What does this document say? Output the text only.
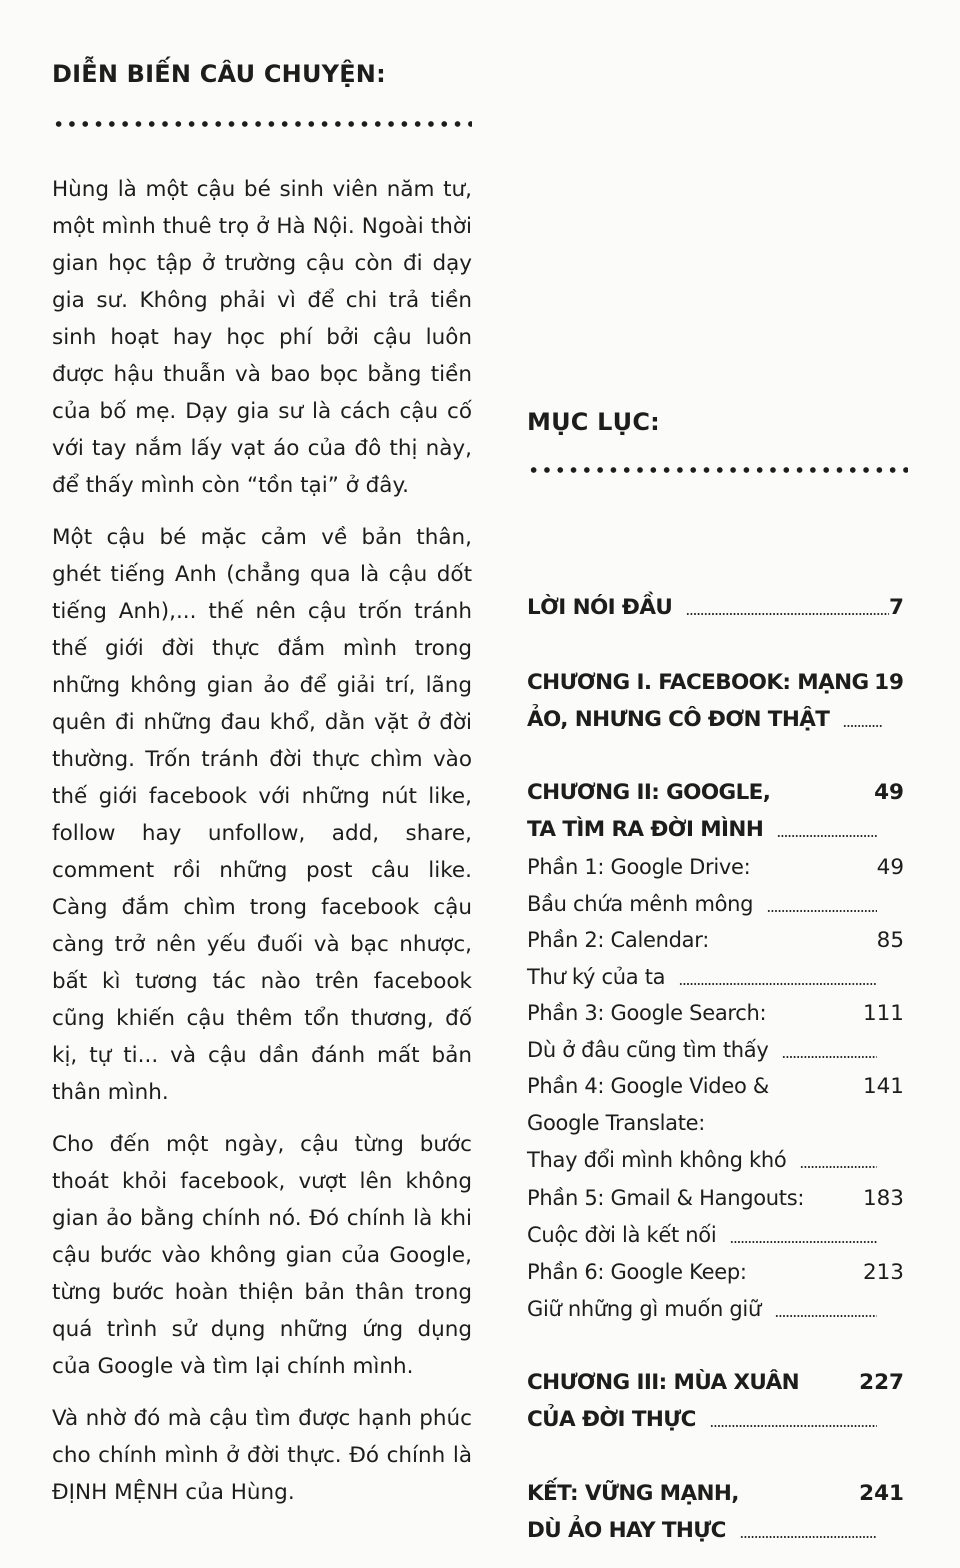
DIỄN BIẾN CÂU CHUYỆN:

Hùng là một cậu bé sinh viên năm tư, một mình thuê trọ ở Hà Nội. Ngoài thời gian học tập ở trường cậu còn đi dạy gia sư. Không phải vì để chi trả tiền sinh hoạt hay học phí bởi cậu luôn được hậu thuẫn và bao bọc bằng tiền của bố mẹ. Dạy gia sư là cách cậu cố với tay nắm lấy vạt áo của đô thị này, để thấy mình còn “tồn tại” ở đây.

Một cậu bé mặc cảm về bản thân, ghét tiếng Anh (chẳng qua là cậu dốt tiếng Anh),... thế nên cậu trốn tránh thế giới đời thực đắm mình trong những không gian ảo để giải trí, lãng quên đi những đau khổ, dằn vặt ở đời thường. Trốn tránh đời thực chìm vào thế giới facebook với những nút like, follow hay unfollow, add, share, comment rồi những post câu like. Càng đắm chìm trong facebook cậu càng trở nên yếu đuối và bạc nhược, bất kì tương tác nào trên facebook cũng khiến cậu thêm tổn thương, đố kị, tự ti... và cậu dần đánh mất bản thân mình.

Cho đến một ngày, cậu từng bước thoát khỏi facebook, vượt lên không gian ảo bằng chính nó. Đó chính là khi cậu bước vào không gian của Google, từng bước hoàn thiện bản thân trong quá trình sử dụng những ứng dụng của Google và tìm lại chính mình.

Và nhờ đó mà cậu tìm được hạnh phúc cho chính mình ở đời thực. Đó chính là ĐỊNH MỆNH của Hùng.

MỤC LỤC:
LỜI NÓI ĐẦU	7
CHƯƠNG I. FACEBOOK: MẠNG
ẢO, NHƯNG CÔ ĐƠN THẬT
19
CHƯƠNG II: GOOGLE,
TA TÌM RA ĐỜI MÌNH
49
Phần 1: Google Drive:
Bầu chứa mênh mông
49
Phần 2: Calendar:
Thư ký của ta
85
Phần 3: Google Search:
Dù ở đâu cũng tìm thấy
111
Phần 4: Google Video &
Google Translate:
Thay đổi mình không khó
141
Phần 5: Gmail & Hangouts:
Cuộc đời là kết nối
183
Phần 6: Google Keep:
Giữ những gì muốn giữ
213
CHƯƠNG III: MÙA XUÂN
CỦA ĐỜI THỰC
227
KẾT: VỮNG MẠNH,
DÙ ẢO HAY THỰC
241
